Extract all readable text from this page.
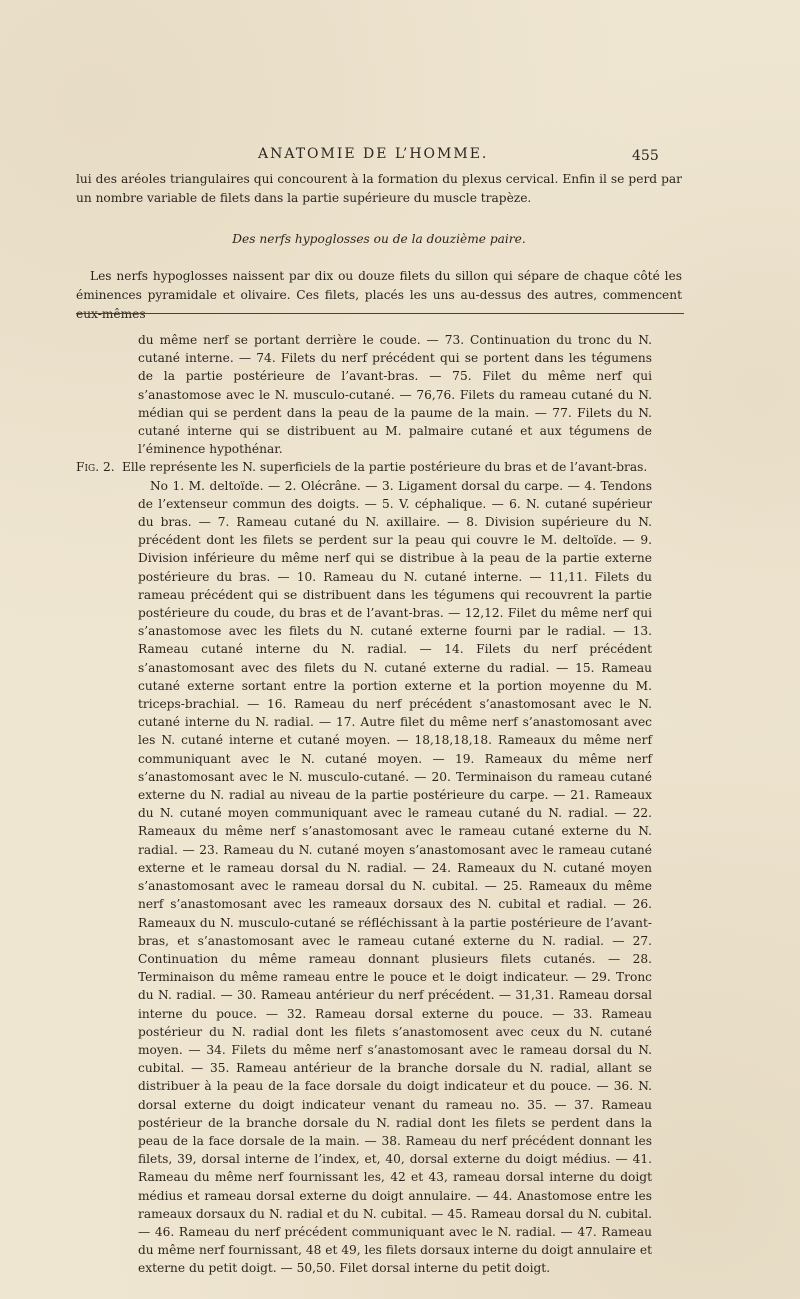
ANATOMIE DE L’HOMME.	455

lui des aréoles triangulaires qui concourent à la formation du plexus cervical. Enfin il se perd par un nombre variable de filets dans la partie supérieure du muscle trapèze.

Des nerfs hypoglosses ou de la douzième paire.

Les nerfs hypoglosses naissent par dix ou douze filets du sillon qui sépare de chaque côté les éminences pyramidale et olivaire. Ces filets, placés les uns au-dessus des autres, commencent eux-mêmes

du même nerf se portant derrière le coude. — 73. Continuation du tronc du N. cutané interne. — 74. Filets du nerf précédent qui se portent dans les tégumens de la partie postérieure de l’avant-bras. — 75. Filet du même nerf qui s’anastomose avec le N. musculo-cutané. — 76,76. Filets du rameau cutané du N. médian qui se perdent dans la peau de la paume de la main. — 77. Filets du N. cutané interne qui se distribuent au M. palmaire cutané et aux tégumens de l’éminence hypothénar.

Fig. 2. Elle représente les N. superficiels de la partie postérieure du bras et de l’avant-bras.

No 1. M. deltoïde. — 2. Olécrâne. — 3. Ligament dorsal du carpe. — 4. Tendons de l’extenseur commun des doigts. — 5. V. céphalique. — 6. N. cutané supérieur du bras. — 7. Rameau cutané du N. axillaire. — 8. Division supérieure du N. précédent dont les filets se perdent sur la peau qui couvre le M. deltoïde. — 9. Division inférieure du même nerf qui se distribue à la peau de la partie externe postérieure du bras. — 10. Rameau du N. cutané interne. — 11,11. Filets du rameau précédent qui se distribuent dans les tégumens qui recouvrent la partie postérieure du coude, du bras et de l’avant-bras. — 12,12. Filet du même nerf qui s’anastomose avec les filets du N. cutané externe fourni par le radial. — 13. Rameau cutané interne du N. radial. — 14. Filets du nerf précédent s’anastomosant avec des filets du N. cutané externe du radial. — 15. Rameau cutané externe sortant entre la portion externe et la portion moyenne du M. triceps-brachial. — 16. Rameau du nerf précédent s’anastomosant avec le N. cutané interne du N. radial. — 17. Autre filet du même nerf s’anastomosant avec les N. cutané interne et cutané moyen. — 18,18,18,18. Rameaux du même nerf communiquant avec le N. cutané moyen. — 19. Rameaux du même nerf s’anastomosant avec le N. musculo-cutané. — 20. Terminaison du rameau cutané externe du N. radial au niveau de la partie postérieure du carpe. — 21. Rameaux du N. cutané moyen communiquant avec le rameau cutané du N. radial. — 22. Rameaux du même nerf s’anastomosant avec le rameau cutané externe du N. radial. — 23. Rameau du N. cutané moyen s’anastomosant avec le rameau cutané externe et le rameau dorsal du N. radial. — 24. Rameaux du N. cutané moyen s’anastomosant avec le rameau dorsal du N. cubital. — 25. Rameaux du même nerf s’anastomosant avec les rameaux dorsaux des N. cubital et radial. — 26. Rameaux du N. musculo-cutané se réfléchissant à la partie postérieure de l’avant-bras, et s’anastomosant avec le rameau cutané externe du N. radial. — 27. Continuation du même rameau donnant plusieurs filets cutanés. — 28. Terminaison du même rameau entre le pouce et le doigt indicateur. — 29. Tronc du N. radial. — 30. Rameau antérieur du nerf précédent. — 31,31. Rameau dorsal interne du pouce. — 32. Rameau dorsal externe du pouce. — 33. Rameau postérieur du N. radial dont les filets s’anastomosent avec ceux du N. cutané moyen. — 34. Filets du même nerf s’anastomosant avec le rameau dorsal du N. cubital. — 35. Rameau antérieur de la branche dorsale du N. radial, allant se distribuer à la peau de la face dorsale du doigt indicateur et du pouce. — 36. N. dorsal externe du doigt indicateur venant du rameau no. 35. — 37. Rameau postérieur de la branche dorsale du N. radial dont les filets se perdent dans la peau de la face dorsale de la main. — 38. Rameau du nerf précédent donnant les filets, 39, dorsal interne de l’index, et, 40, dorsal externe du doigt médius. — 41. Rameau du même nerf fournissant les, 42 et 43, rameau dorsal interne du doigt médius et rameau dorsal externe du doigt annulaire. — 44. Anastomose entre les rameaux dorsaux du N. radial et du N. cubital. — 45. Rameau dorsal du N. cubital. — 46. Rameau du nerf précédent communiquant avec le N. radial. — 47. Rameau du même nerf fournissant, 48 et 49, les filets dorsaux interne du doigt annulaire et externe du petit doigt. — 50,50. Filet dorsal interne du petit doigt.
